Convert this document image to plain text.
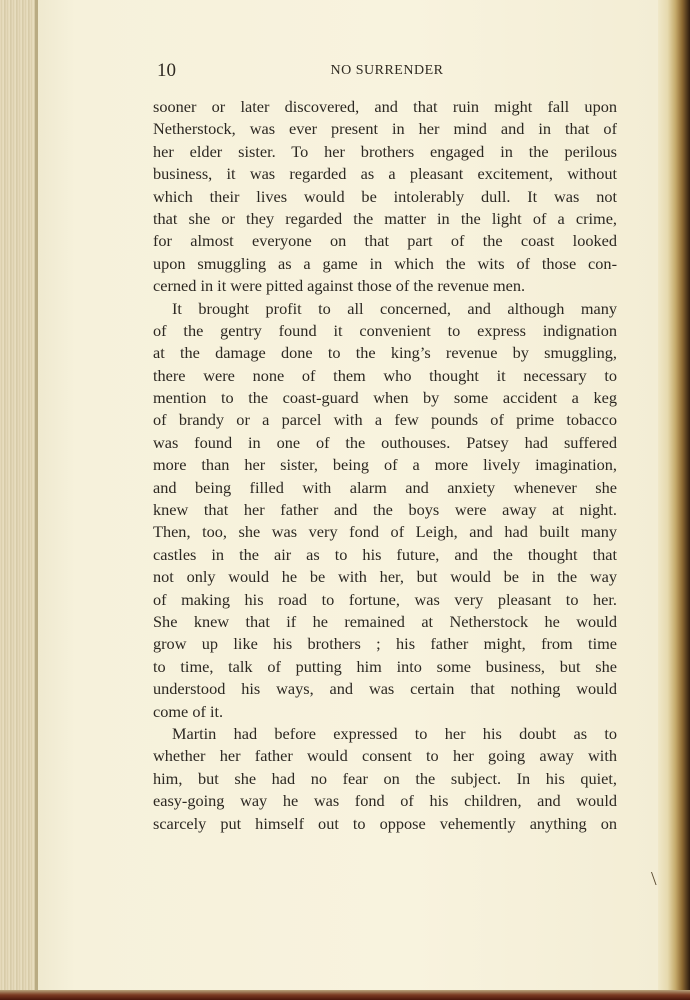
\
10	NO SURRENDER
sooner or later discovered, and that ruin might fall upon
Netherstock, was ever present in her mind and in that of
her elder sister. To her brothers engaged in the perilous
business, it was regarded as a pleasant excitement, without
which their lives would be intolerably dull. It was not
that she or they regarded the matter in the light of a crime,
for almost everyone on that part of the coast looked
upon smuggling as a game in which the wits of those con-
cerned in it were pitted against those of the revenue men.
It brought profit to all concerned, and although many
of the gentry found it convenient to express indignation
at the damage done to the king’s revenue by smuggling,
there were none of them who thought it necessary to
mention to the coast-guard when by some accident a keg
of brandy or a parcel with a few pounds of prime tobacco
was found in one of the outhouses. Patsey had suffered
more than her sister, being of a more lively imagination,
and being filled with alarm and anxiety whenever she
knew that her father and the boys were away at night.
Then, too, she was very fond of Leigh, and had built many
castles in the air as to his future, and the thought that
not only would he be with her, but would be in the way
of making his road to fortune, was very pleasant to her.
She knew that if he remained at Netherstock he would
grow up like his brothers ; his father might, from time
to time, talk of putting him into some business, but she
understood his ways, and was certain that nothing would
come of it.
Martin had before expressed to her his doubt as to
whether her father would consent to her going away with
him, but she had no fear on the subject. In his quiet,
easy-going way he was fond of his children, and would
scarcely put himself out to oppose vehemently anything on
